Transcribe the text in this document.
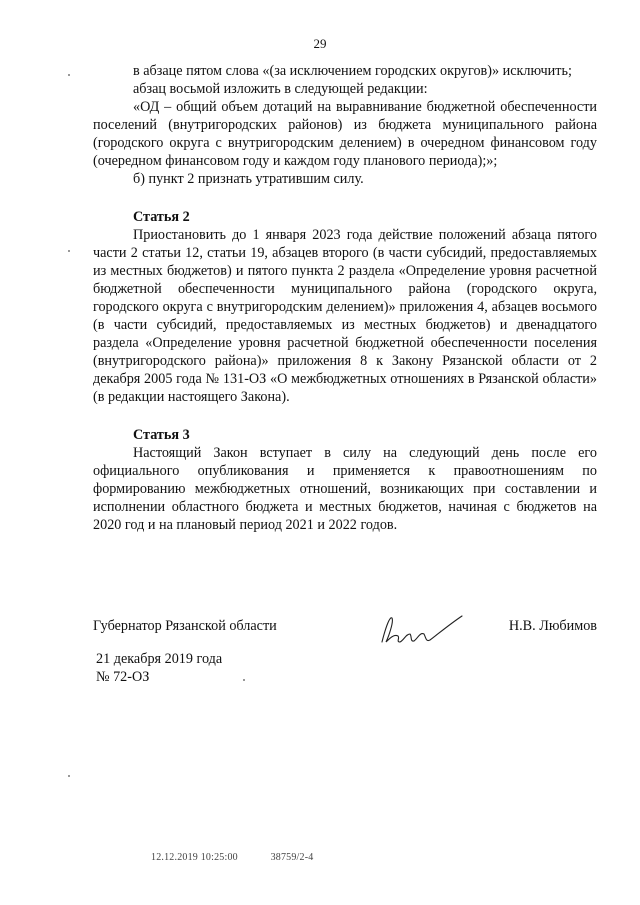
29

в абзаце пятом слова «(за исключением городских округов)» исключить;

абзац восьмой изложить в следующей редакции:

«ОД – общий объем дотаций на выравнивание бюджетной обеспеченности поселений (внутригородских районов) из бюджета муниципального района (городского округа с внутригородским делением) в очередном финансовом году (очередном финансовом году и каждом году планового периода);»;

б) пункт 2 признать утратившим силу.

Статья 2

Приостановить до 1 января 2023 года действие положений абзаца пятого части 2 статьи 12, статьи 19, абзацев второго (в части субсидий, предоставляемых из местных бюджетов) и пятого пункта 2 раздела «Определение уровня расчетной бюджетной обеспеченности муниципального района (городского округа, городского округа с внутригородским делением)» приложения 4, абзацев восьмого (в части субсидий, предоставляемых из местных бюджетов) и двенадцатого раздела «Определение уровня расчетной бюджетной обеспеченности поселения (внутригородского района)» приложения 8 к Закону Рязанской области от 2 декабря 2005 года № 131-ОЗ «О межбюджетных отношениях в Рязанской области» (в редакции настоящего Закона).

Статья 3

Настоящий Закон вступает в силу на следующий день после его официального опубликования и применяется к правоотношениям по формированию межбюджетных отношений, возникающих при составлении и исполнении областного бюджета и местных бюджетов, начиная с бюджетов на 2020 год и на плановый период 2021 и 2022 годов.

Губернатор Рязанской области	Н.В. Любимов
21 декабря 2019 года
№ 72-ОЗ
12.12.2019 10:25:00	38759/2-4
